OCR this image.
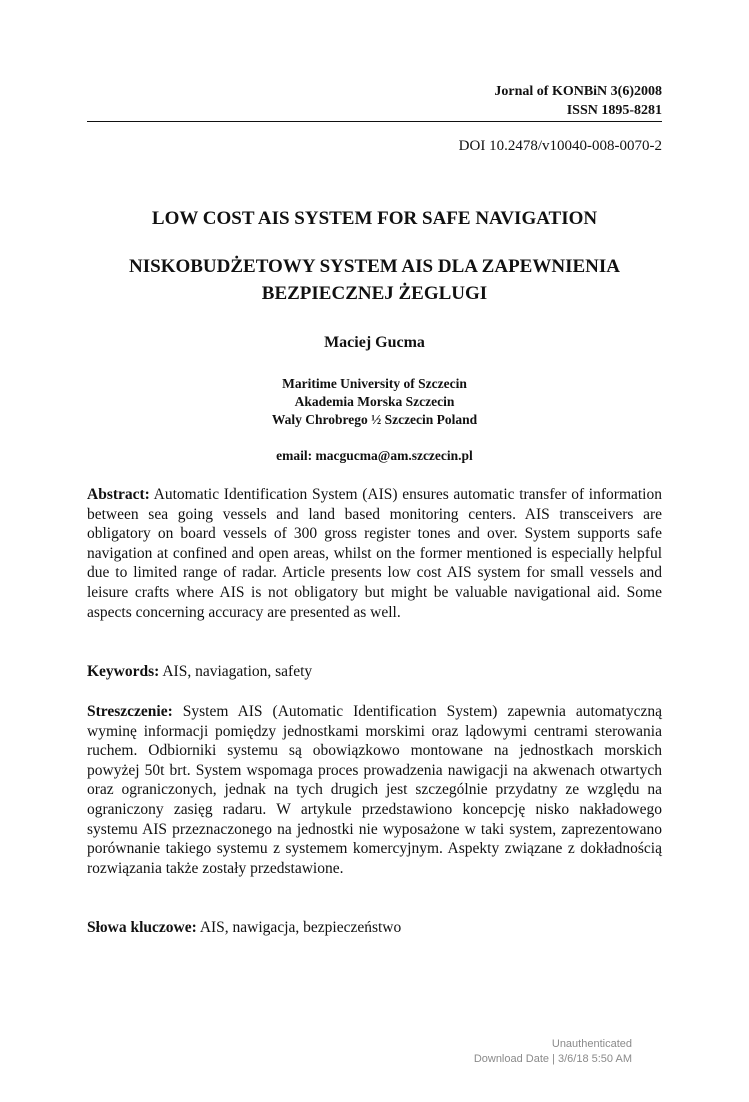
Jornal of KONBiN 3(6)2008
ISSN 1895-8281
DOI 10.2478/v10040-008-0070-2
LOW COST AIS SYSTEM FOR SAFE NAVIGATION
NISKOBUDŻETOWY SYSTEM AIS DLA ZAPEWNIENIA
BEZPIECZNEJ ŻEGLUGI
Maciej Gucma
Maritime University of Szczecin
Akademia Morska Szczecin
Waly Chrobrego ½ Szczecin Poland
email: macgucma@am.szczecin.pl

Abstract: Automatic Identification System (AIS) ensures automatic transfer of information between sea going vessels and land based monitoring centers. AIS transceivers are obligatory on board vessels of 300 gross register tones and over. System supports safe navigation at confined and open areas, whilst on the former mentioned is especially helpful due to limited range of radar. Article presents low cost AIS system for small vessels and leisure crafts where AIS is not obligatory but might be valuable navigational aid. Some aspects concerning accuracy are presented as well.

Keywords: AIS, naviagation, safety

Streszczenie: System AIS (Automatic Identification System) zapewnia automatyczną wyminę informacji pomiędzy jednostkami morskimi oraz lądowymi centrami sterowania ruchem. Odbiorniki systemu są obowiązkowo montowane na jednostkach morskich powyżej 50t brt. System wspomaga proces prowadzenia nawigacji na akwenach otwartych oraz ograniczonych, jednak na tych drugich jest szczególnie przydatny ze względu na ograniczony zasięg radaru. W artykule przedstawiono koncepcję nisko nakładowego systemu AIS przeznaczonego na jednostki nie wyposażone w taki system, zaprezentowano porównanie takiego systemu z systemem komercyjnym. Aspekty związane z dokładnością rozwiązania także zostały przedstawione.

Słowa kluczowe: AIS, nawigacja, bezpieczeństwo

Unauthenticated
Download Date | 3/6/18 5:50 AM
